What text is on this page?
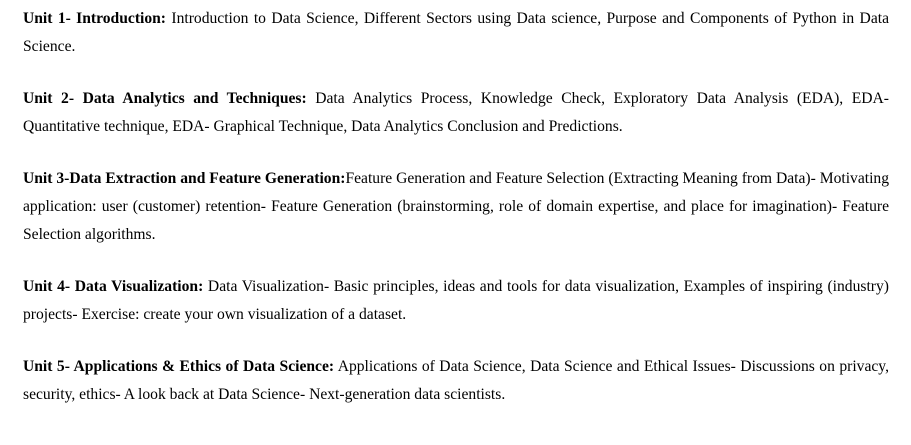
Unit 1- Introduction: Introduction to Data Science, Different Sectors using Data science, Purpose and Components of Python in Data Science.

Unit 2- Data Analytics and Techniques: Data Analytics Process, Knowledge Check, Exploratory Data Analysis (EDA), EDA- Quantitative technique, EDA- Graphical Technique, Data Analytics Conclusion and Predictions.

Unit 3-Data Extraction and Feature Generation:Feature Generation and Feature Selection (Extracting Meaning from Data)- Motivating application: user (customer) retention- Feature Generation (brainstorming, role of domain expertise, and place for imagination)- Feature Selection algorithms.

Unit 4- Data Visualization: Data Visualization- Basic principles, ideas and tools for data visualization, Examples of inspiring (industry) projects- Exercise: create your own visualization of a dataset.

Unit 5- Applications & Ethics of Data Science: Applications of Data Science, Data Science and Ethical Issues- Discussions on privacy, security, ethics- A look back at Data Science- Next-generation data scientists.
